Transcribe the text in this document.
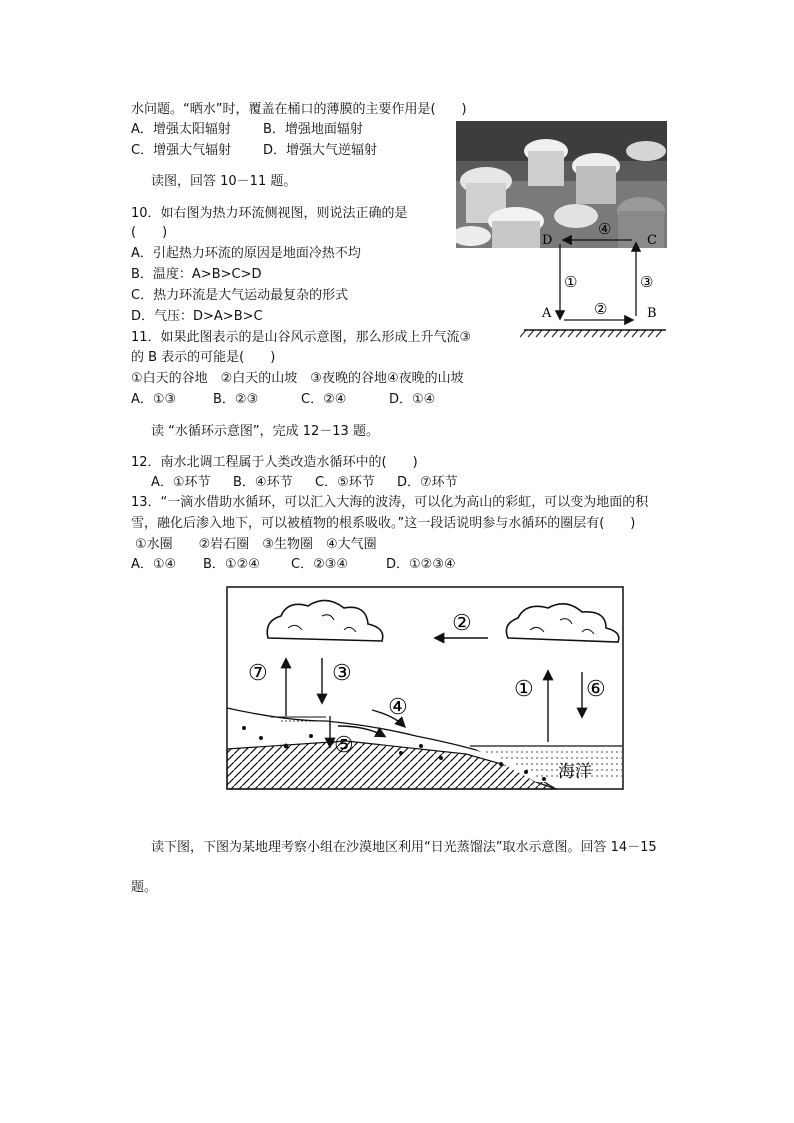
水问题。“晒水”时，覆盖在桶口的薄膜的主要作用是(　　)
A．增强太阳辐射 B．增强地面辐射
C．增强大气辐射 D．增强大气逆辐射
读图，回答 10－11 题。
10．如右图为热力环流侧视图，则说法正确的是
(　　)
A．引起热力环流的原因是地面冷热不均
B．温度：A>B>C>D
C．热力环流是大气运动最复杂的形式
D．气压：D>A>B>C
D	C
A	B
④
①
②
③
11．如果此图表示的是山谷风示意图，那么形成上升气流③
的 B 表示的可能是(　　)
①白天的谷地　②白天的山坡　③夜晚的谷地④夜晚的山坡
A．①③	B．②③	C．②④	D．①④
读 “水循环示意图”，完成 12－13 题。
12．南水北调工程属于人类改造水循环中的(　　)
A．①环节 B．④环节 C．⑤环节 D．⑦环节
13．“一滴水借助水循环，可以汇入大海的波涛，可以化为高山的彩虹，可以变为地面的积
雪，融化后渗入地下，可以被植物的根系吸收。”这一段话说明参与水循环的圈层有(　　)
①水圈　　②岩石圈　③生物圈　④大气圈
A．①④ B．①②④ C．②③④	D．①②③④
②
⑦	③
① ⑥
④
⑤
海洋
读下图，下图为某地理考察小组在沙漠地区利用“日光蒸馏法”取水示意图。回答 14－15
题。
